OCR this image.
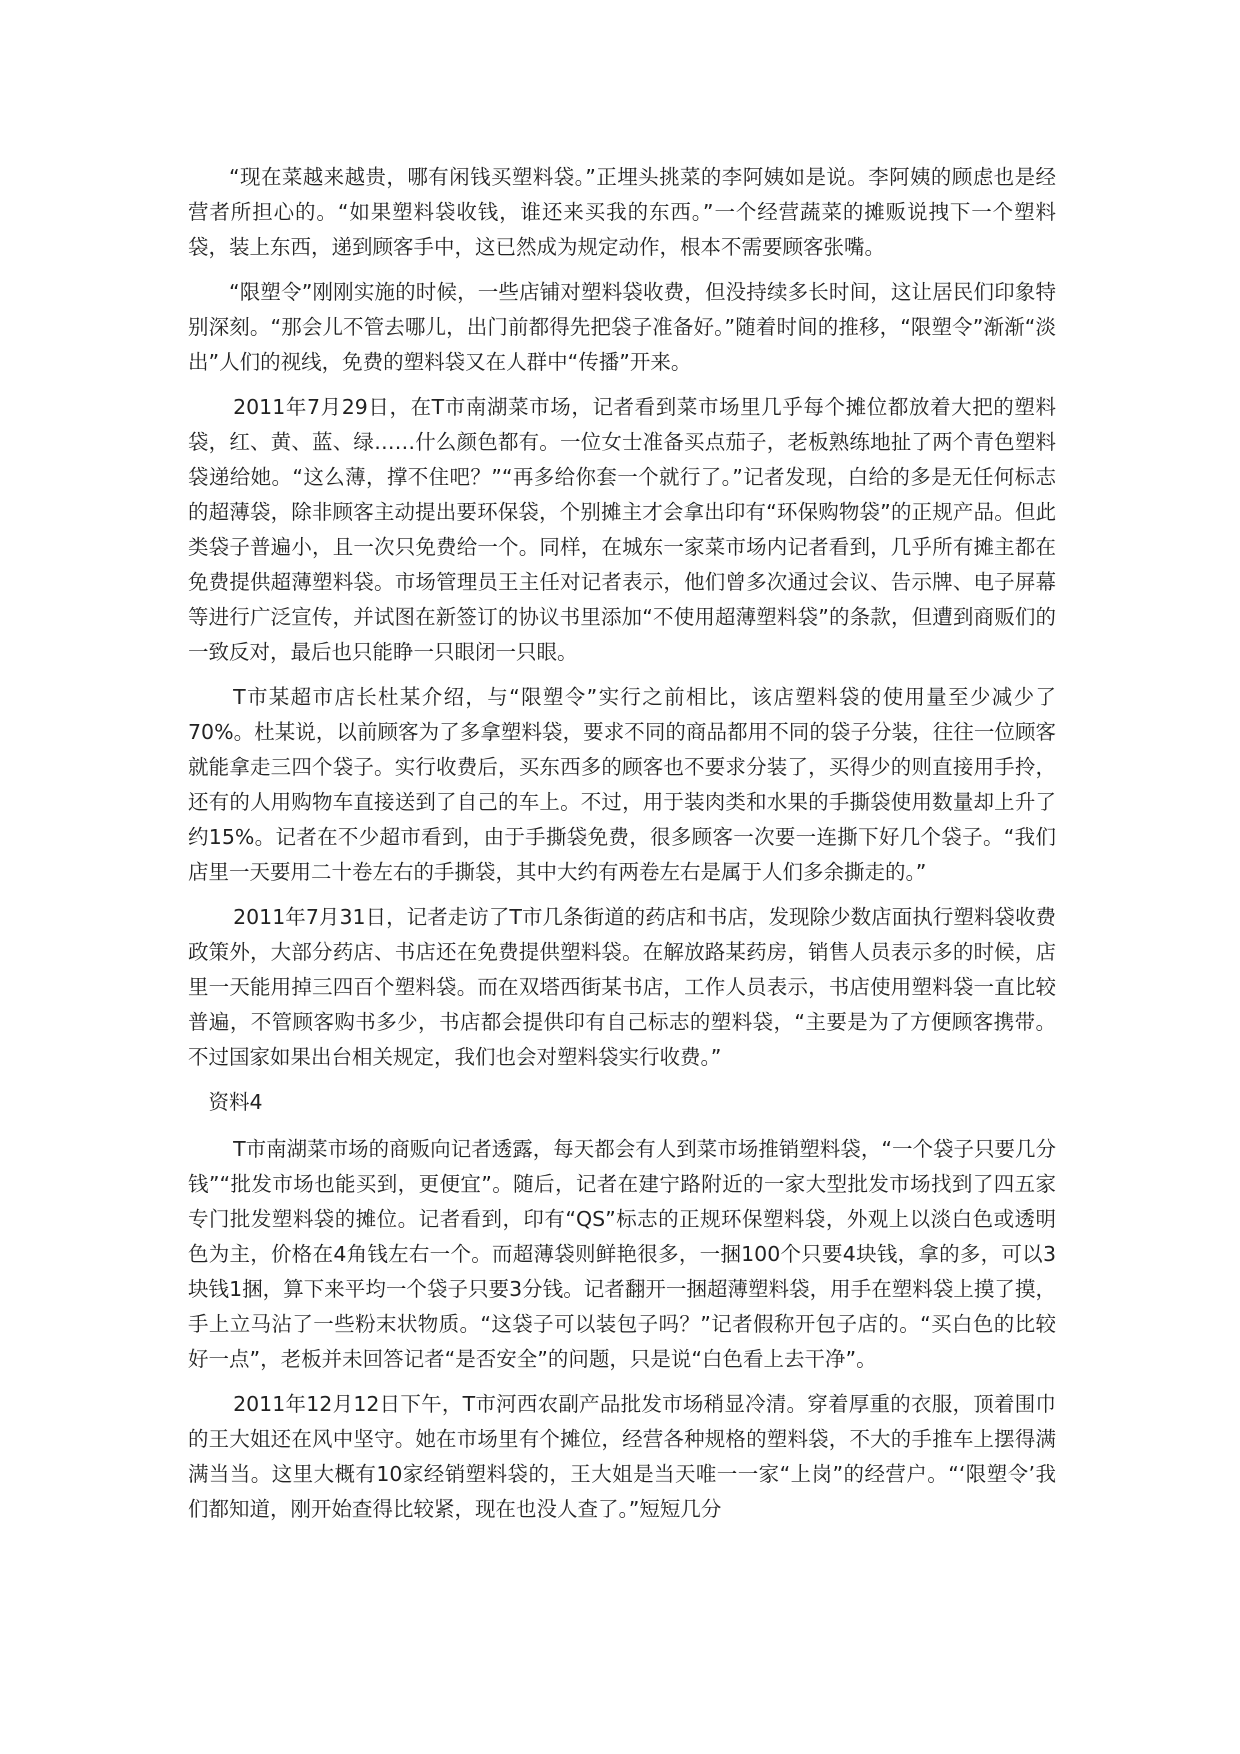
“现在菜越来越贵，哪有闲钱买塑料袋。”正埋头挑菜的李阿姨如是说。李阿姨的顾虑也是经营者所担心的。“如果塑料袋收钱，谁还来买我的东西。”一个经营蔬菜的摊贩说拽下一个塑料袋，装上东西，递到顾客手中，这已然成为规定动作，根本不需要顾客张嘴。

“限塑令”刚刚实施的时候，一些店铺对塑料袋收费，但没持续多长时间，这让居民们印象特别深刻。“那会儿不管去哪儿，出门前都得先把袋子准备好。”随着时间的推移，“限塑令”渐渐“淡出”人们的视线，免费的塑料袋又在人群中“传播”开来。

2011年7月29日，在T市南湖菜市场，记者看到菜市场里几乎每个摊位都放着大把的塑料袋，红、黄、蓝、绿……什么颜色都有。一位女士准备买点茄子，老板熟练地扯了两个青色塑料袋递给她。“这么薄，撑不住吧？”“再多给你套一个就行了。”记者发现，白给的多是无任何标志的超薄袋，除非顾客主动提出要环保袋，个别摊主才会拿出印有“环保购物袋”的正规产品。但此类袋子普遍小，且一次只免费给一个。同样，在城东一家菜市场内记者看到，几乎所有摊主都在免费提供超薄塑料袋。市场管理员王主任对记者表示，他们曾多次通过会议、告示牌、电子屏幕等进行广泛宣传，并试图在新签订的协议书里添加“不使用超薄塑料袋”的条款，但遭到商贩们的一致反对，最后也只能睁一只眼闭一只眼。

T市某超市店长杜某介绍，与“限塑令”实行之前相比，该店塑料袋的使用量至少减少了70%。杜某说，以前顾客为了多拿塑料袋，要求不同的商品都用不同的袋子分装，往往一位顾客就能拿走三四个袋子。实行收费后，买东西多的顾客也不要求分装了，买得少的则直接用手拎，还有的人用购物车直接送到了自己的车上。不过，用于装肉类和水果的手撕袋使用数量却上升了约15%。记者在不少超市看到，由于手撕袋免费，很多顾客一次要一连撕下好几个袋子。“我们店里一天要用二十卷左右的手撕袋，其中大约有两卷左右是属于人们多余撕走的。”

2011年7月31日，记者走访了T市几条街道的药店和书店，发现除少数店面执行塑料袋收费政策外，大部分药店、书店还在免费提供塑料袋。在解放路某药房，销售人员表示多的时候，店里一天能用掉三四百个塑料袋。而在双塔西街某书店，工作人员表示，书店使用塑料袋一直比较普遍，不管顾客购书多少，书店都会提供印有自己标志的塑料袋，“主要是为了方便顾客携带。不过国家如果出台相关规定，我们也会对塑料袋实行收费。”

资料4

T市南湖菜市场的商贩向记者透露，每天都会有人到菜市场推销塑料袋，“一个袋子只要几分钱”“批发市场也能买到，更便宜”。随后，记者在建宁路附近的一家大型批发市场找到了四五家专门批发塑料袋的摊位。记者看到，印有“QS”标志的正规环保塑料袋，外观上以淡白色或透明色为主，价格在4角钱左右一个。而超薄袋则鲜艳很多，一捆100个只要4块钱，拿的多，可以3块钱1捆，算下来平均一个袋子只要3分钱。记者翻开一捆超薄塑料袋，用手在塑料袋上摸了摸，手上立马沾了一些粉末状物质。“这袋子可以装包子吗？”记者假称开包子店的。“买白色的比较好一点”，老板并未回答记者“是否安全”的问题，只是说“白色看上去干净”。

2011年12月12日下午，T市河西农副产品批发市场稍显冷清。穿着厚重的衣服，顶着围巾的王大姐还在风中坚守。她在市场里有个摊位，经营各种规格的塑料袋，不大的手推车上摆得满满当当。这里大概有10家经销塑料袋的，王大姐是当天唯一一家“上岗”的经营户。“‘限塑令’我们都知道，刚开始查得比较紧，现在也没人查了。”短短几分
